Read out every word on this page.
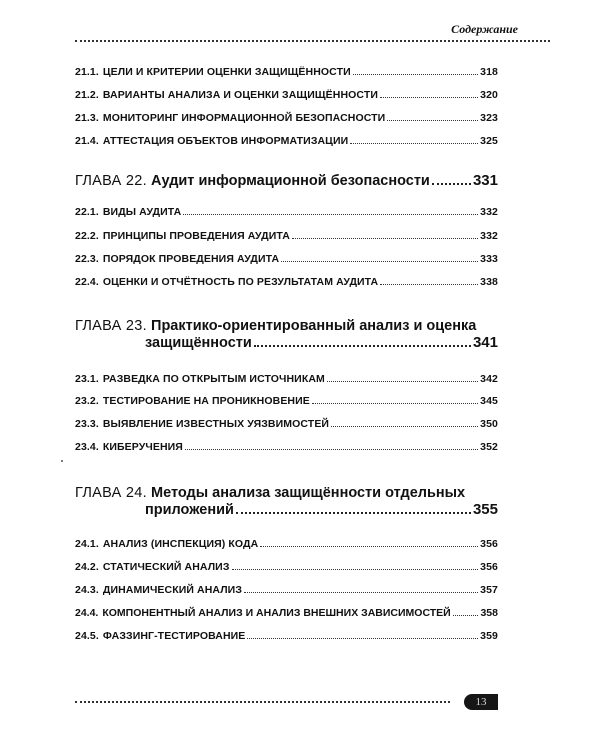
Содержание
21.1. ЦЕЛИ И КРИТЕРИИ ОЦЕНКИ ЗАЩИЩЁННОСТИ	318
21.2. ВАРИАНТЫ АНАЛИЗА И ОЦЕНКИ ЗАЩИЩЁННОСТИ	320
21.3. МОНИТОРИНГ ИНФОРМАЦИОННОЙ БЕЗОПАСНОСТИ	323
21.4. АТТЕСТАЦИЯ ОБЪЕКТОВ ИНФОРМАТИЗАЦИИ	325
ГЛАВА 22.
Аудит информационной безопасности	331
22.1. ВИДЫ АУДИТА	332
22.2. ПРИНЦИПЫ ПРОВЕДЕНИЯ АУДИТА	332
22.3. ПОРЯДОК ПРОВЕДЕНИЯ АУДИТА	333
22.4. ОЦЕНКИ И ОТЧЁТНОСТЬ ПО РЕЗУЛЬТАТАМ АУДИТА	338
ГЛАВА 23.
Практико-ориентированный анализ и оценка
защищённости	341
23.1. РАЗВЕДКА ПО ОТКРЫТЫМ ИСТОЧНИКАМ	342
23.2. ТЕСТИРОВАНИЕ НА ПРОНИКНОВЕНИЕ	345
23.3. ВЫЯВЛЕНИЕ ИЗВЕСТНЫХ УЯЗВИМОСТЕЙ	350
23.4. КИБЕРУЧЕНИЯ	352
ГЛАВА 24.
Методы анализа защищённости отдельных
приложений	355
24.1. АНАЛИЗ (ИНСПЕКЦИЯ) КОДА	356
24.2. СТАТИЧЕСКИЙ АНАЛИЗ	356
24.3. ДИНАМИЧЕСКИЙ АНАЛИЗ	357
24.4. КОМПОНЕНТНЫЙ АНАЛИЗ И АНАЛИЗ ВНЕШНИХ ЗАВИСИМОСТЕЙ	358
24.5. ФАЗЗИНГ-ТЕСТИРОВАНИЕ	359
13
